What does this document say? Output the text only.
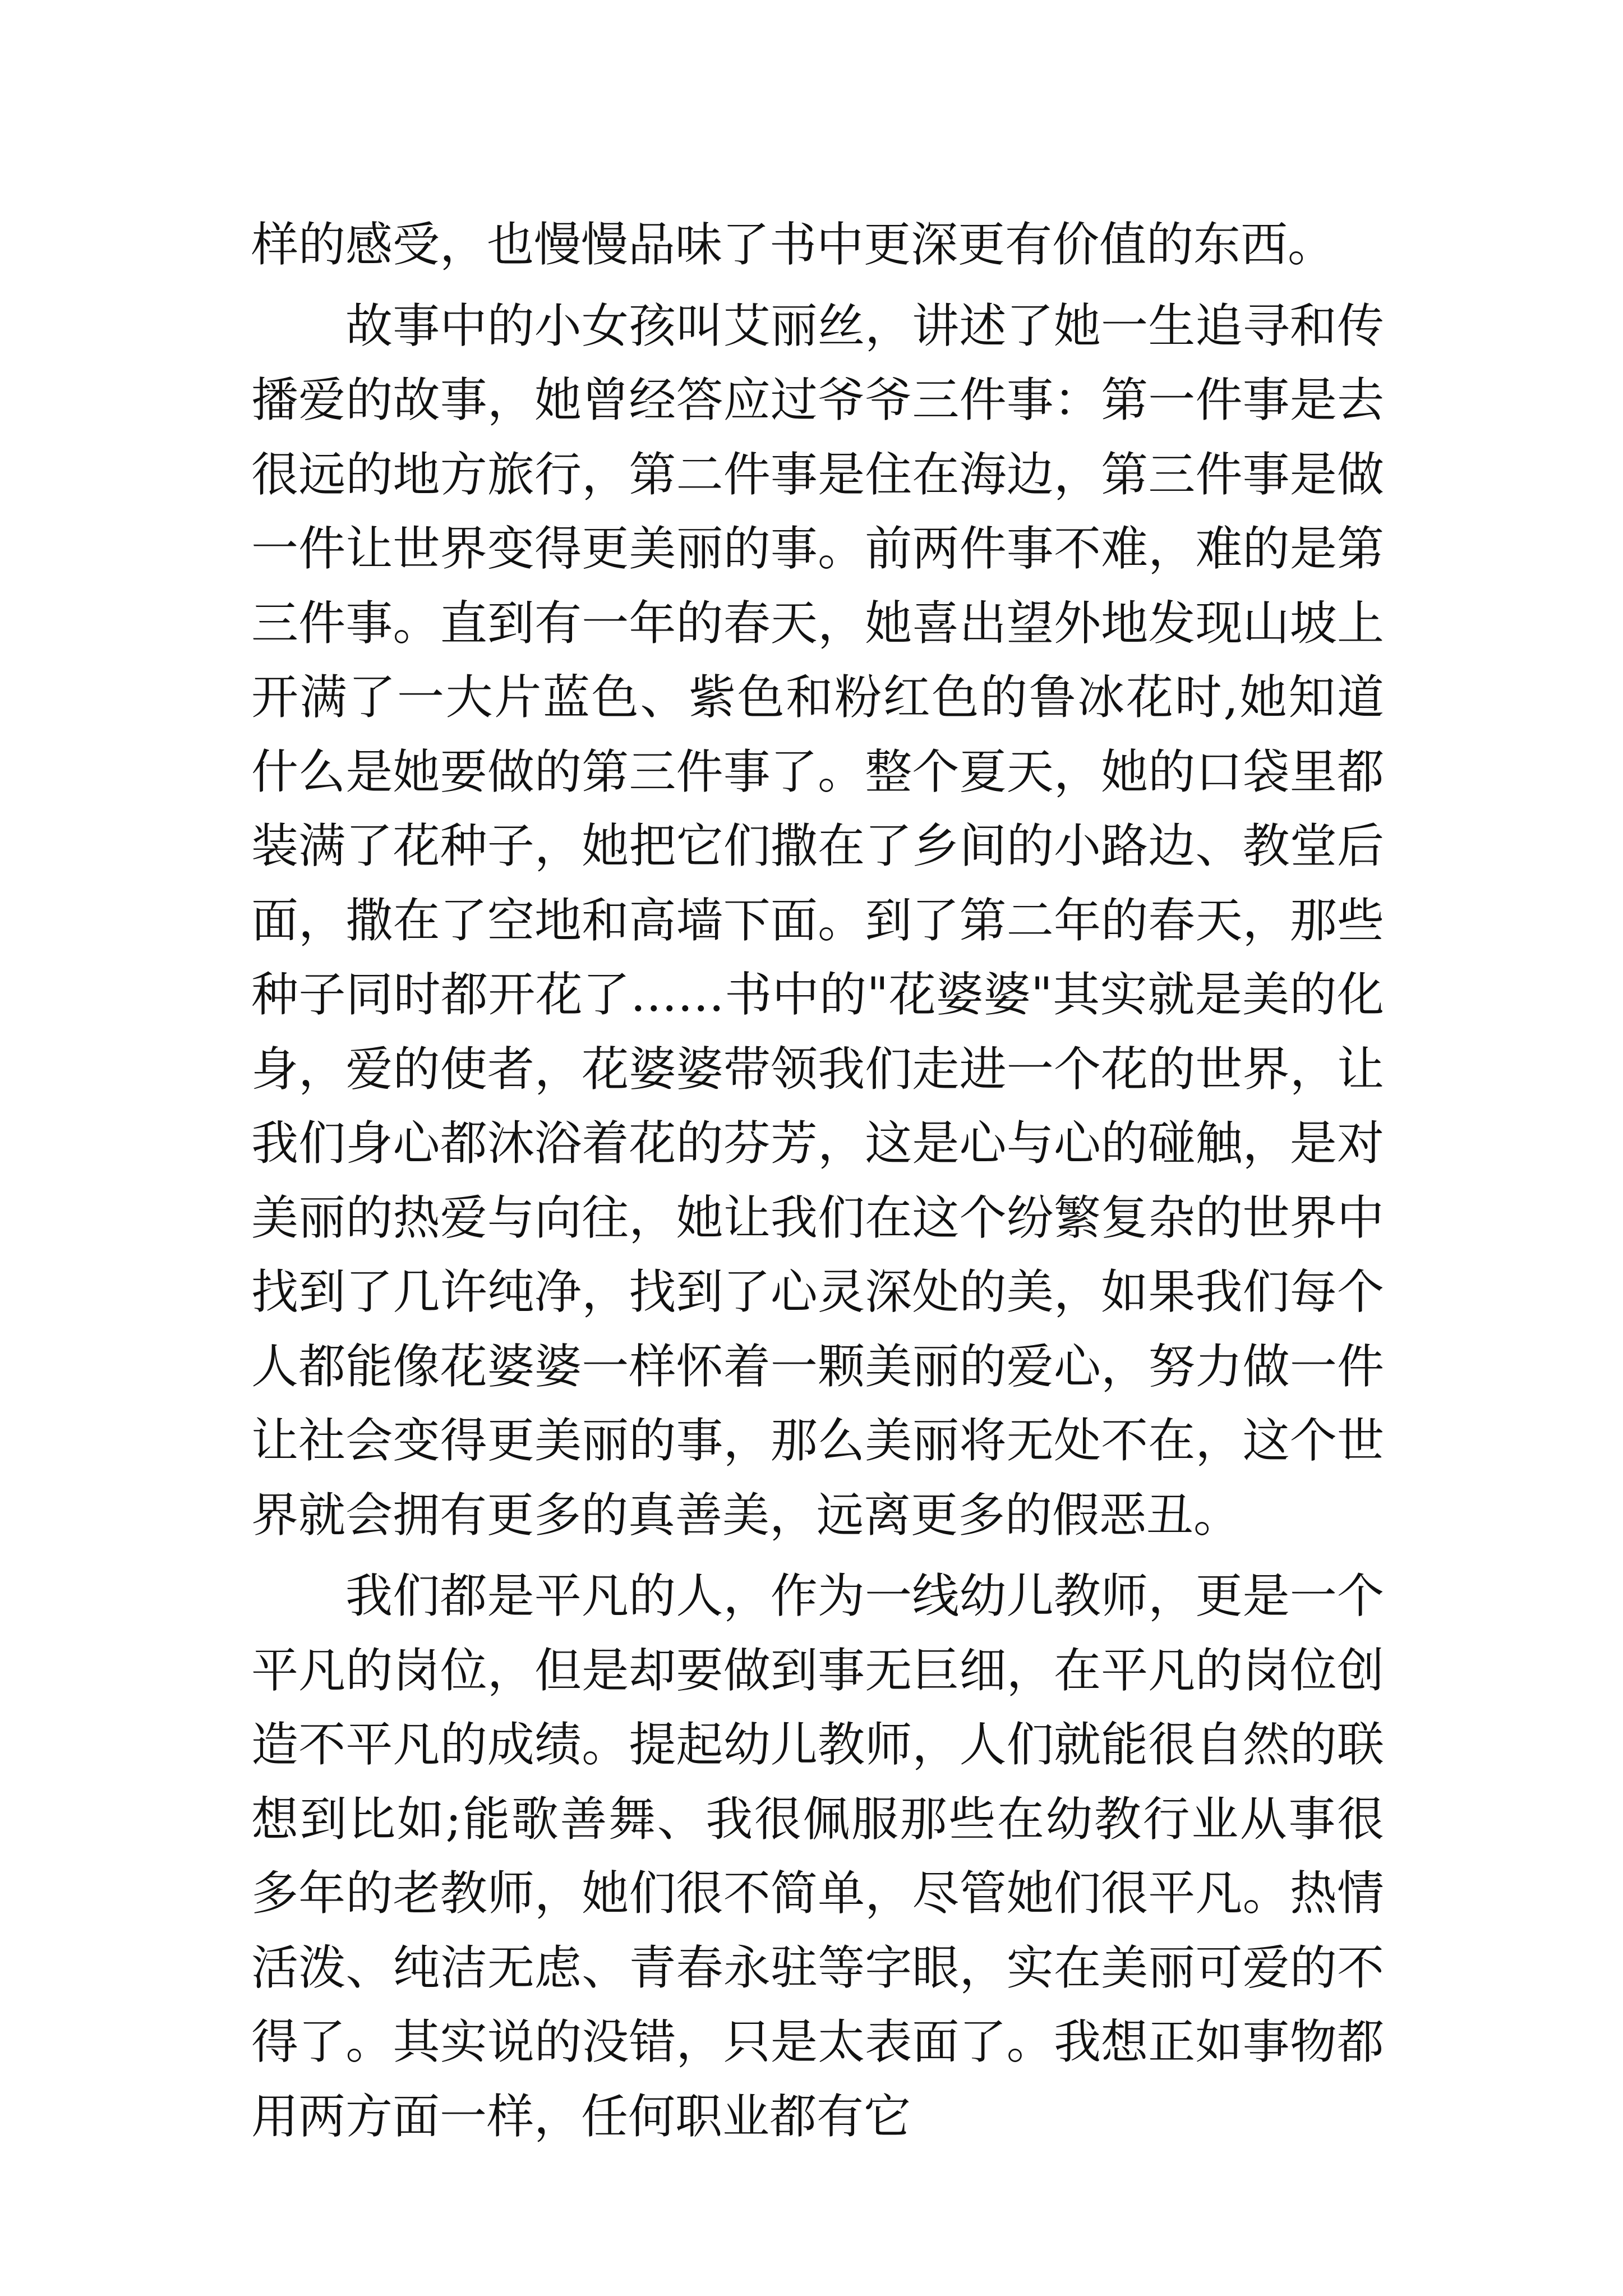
样的感受，也慢慢品味了书中更深更有价值的东西。

故事中的小女孩叫艾丽丝，讲述了她一生追寻和传播爱的故事，她曾经答应过爷爷三件事：第一件事是去很远的地方旅行，第二件事是住在海边，第三件事是做一件让世界变得更美丽的事。前两件事不难，难的是第三件事。直到有一年的春天，她喜出望外地发现山坡上开满了一大片蓝色、紫色和粉红色的鲁冰花时,她知道什么是她要做的第三件事了。整个夏天，她的口袋里都装满了花种子，她把它们撒在了乡间的小路边、教堂后面，撒在了空地和高墙下面。到了第二年的春天，那些种子同时都开花了……书中的"花婆婆"其实就是美的化身，爱的使者，花婆婆带领我们走进一个花的世界，让我们身心都沐浴着花的芬芳，这是心与心的碰触，是对美丽的热爱与向往，她让我们在这个纷繁复杂的世界中找到了几许纯净，找到了心灵深处的美，如果我们每个人都能像花婆婆一样怀着一颗美丽的爱心，努力做一件让社会变得更美丽的事，那么美丽将无处不在，这个世界就会拥有更多的真善美，远离更多的假恶丑。

我们都是平凡的人，作为一线幼儿教师，更是一个平凡的岗位，但是却要做到事无巨细，在平凡的岗位创造不平凡的成绩。提起幼儿教师，人们就能很自然的联想到比如;能歌善舞、我很佩服那些在幼教行业从事很多年的老教师，她们很不简单，尽管她们很平凡。热情活泼、纯洁无虑、青春永驻等字眼，实在美丽可爱的不得了。其实说的没错，只是太表面了。我想正如事物都用两方面一样，任何职业都有它
